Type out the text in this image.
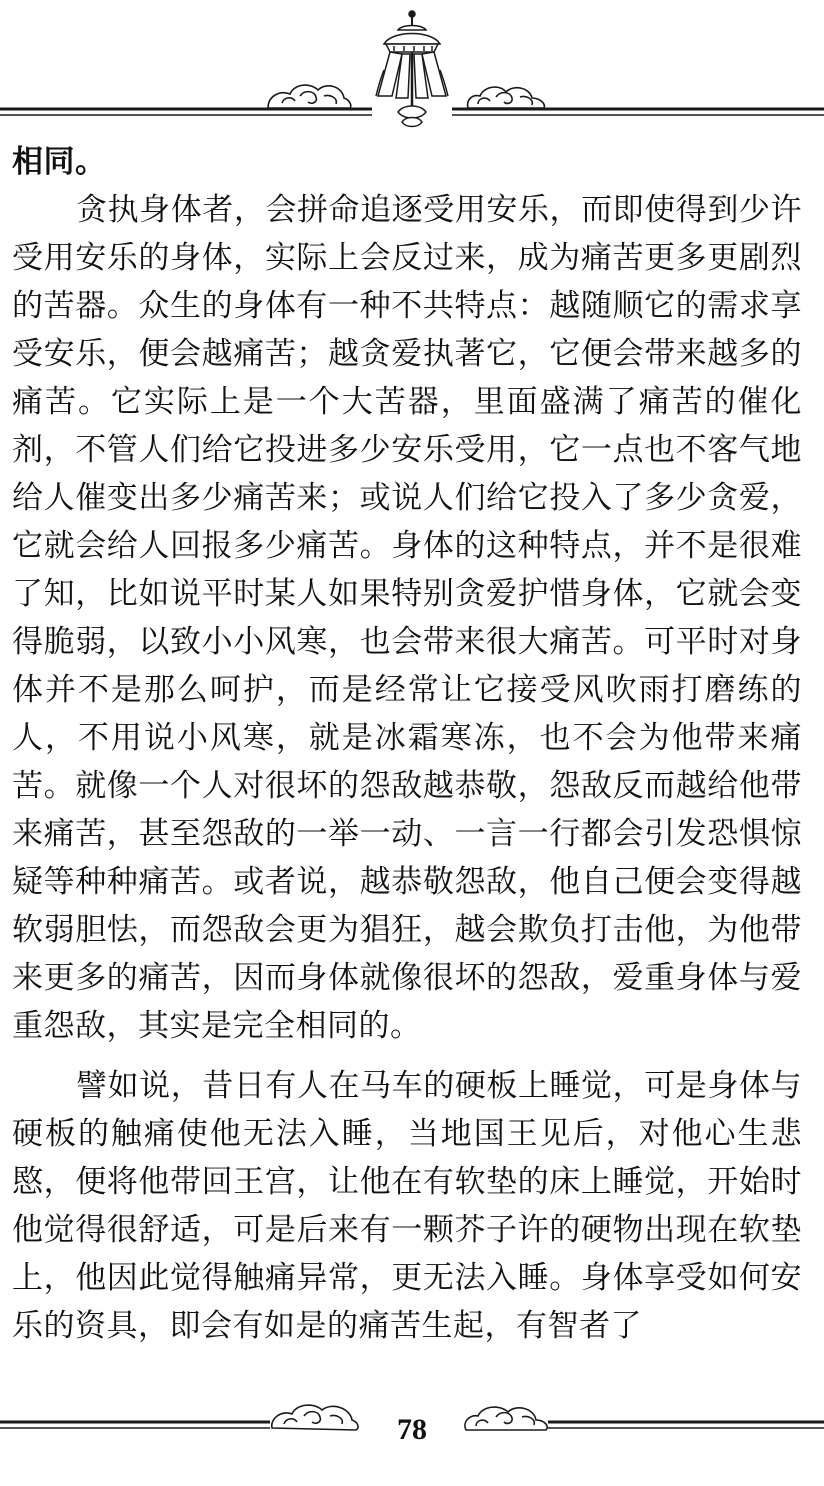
相同。

贪执身体者，会拼命追逐受用安乐，而即使得到少许受用安乐的身体，实际上会反过来，成为痛苦更多更剧烈的苦器。众生的身体有一种不共特点：越随顺它的需求享受安乐，便会越痛苦；越贪爱执著它，它便会带来越多的痛苦。它实际上是一个大苦器，里面盛满了痛苦的催化剂，不管人们给它投进多少安乐受用，它一点也不客气地给人催变出多少痛苦来；或说人们给它投入了多少贪爱，它就会给人回报多少痛苦。身体的这种特点，并不是很难了知，比如说平时某人如果特别贪爱护惜身体，它就会变得脆弱，以致小小风寒，也会带来很大痛苦。可平时对身体并不是那么呵护，而是经常让它接受风吹雨打磨练的人，不用说小风寒，就是冰霜寒冻，也不会为他带来痛苦。就像一个人对很坏的怨敌越恭敬，怨敌反而越给他带来痛苦，甚至怨敌的一举一动、一言一行都会引发恐惧惊疑等种种痛苦。或者说，越恭敬怨敌，他自己便会变得越软弱胆怯，而怨敌会更为猖狂，越会欺负打击他，为他带来更多的痛苦，因而身体就像很坏的怨敌，爱重身体与爱重怨敌，其实是完全相同的。

譬如说，昔日有人在马车的硬板上睡觉，可是身体与硬板的触痛使他无法入睡，当地国王见后，对他心生悲愍，便将他带回王宫，让他在有软垫的床上睡觉，开始时他觉得很舒适，可是后来有一颗芥子许的硬物出现在软垫上，他因此觉得触痛异常，更无法入睡。身体享受如何安乐的资具，即会有如是的痛苦生起，有智者了

78
